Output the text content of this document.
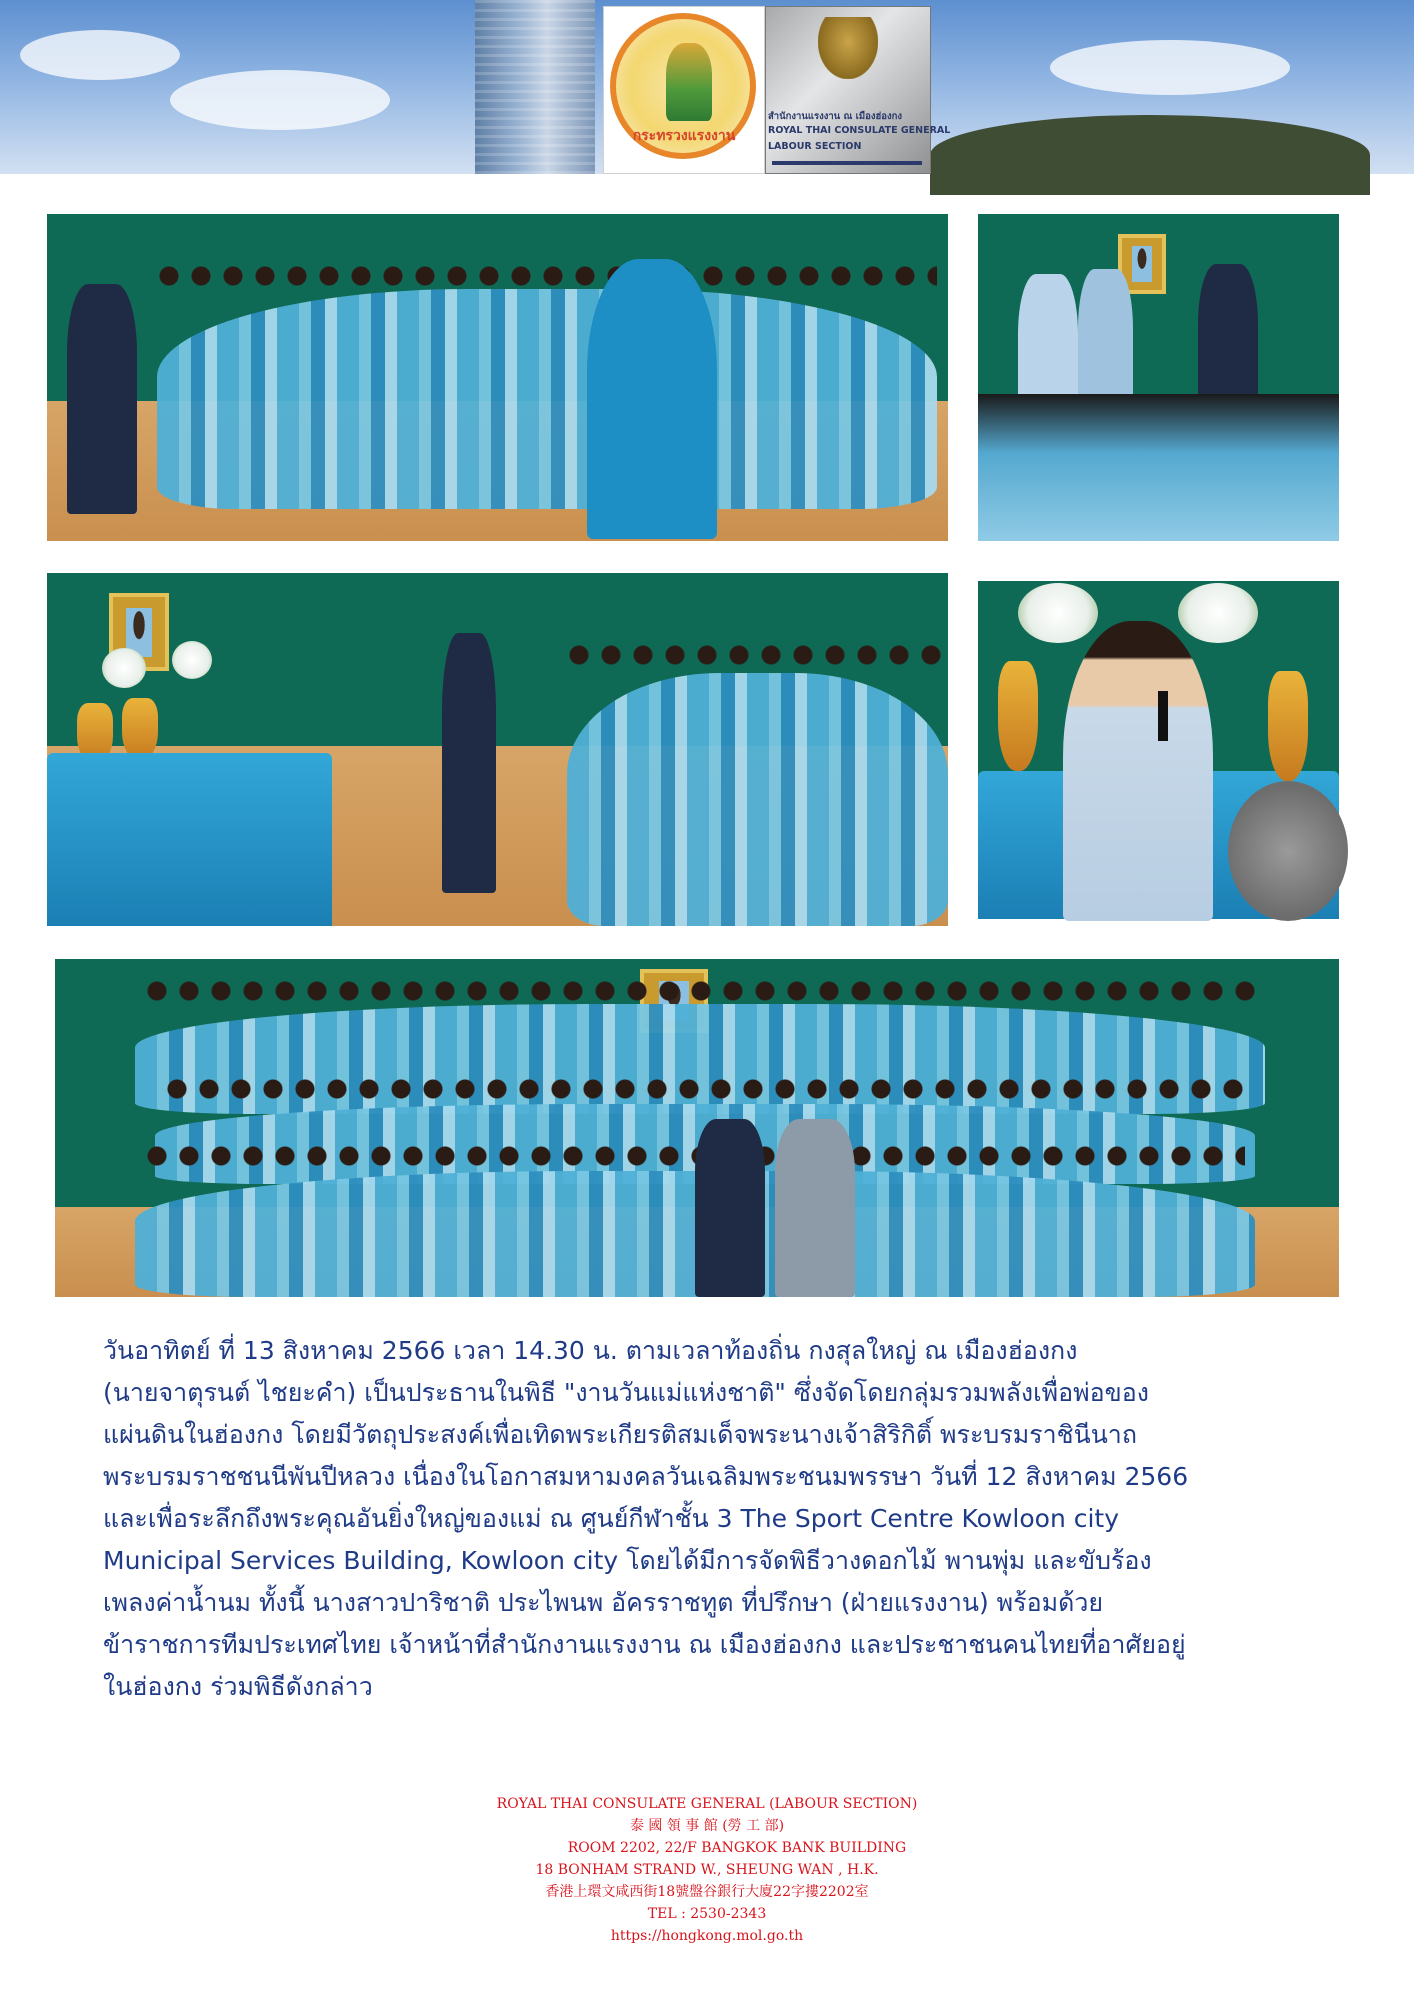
กระทรวงแรงงาน
สำนักงานแรงงาน ณ เมืองฮ่องกง
ROYAL THAI CONSULATE GENERAL
LABOUR SECTION
วันอาทิตย์ ที่ 13 สิงหาคม 2566 เวลา 14.30 น. ตามเวลาท้องถิ่น กงสุลใหญ่ ณ เมืองฮ่องกง
(นายจาตุรนต์ ไชยะคำ) เป็นประธานในพิธี "งานวันแม่แห่งชาติ" ซึ่งจัดโดยกลุ่มรวมพลังเพื่อพ่อของ
แผ่นดินในฮ่องกง โดยมีวัตถุประสงค์เพื่อเทิดพระเกียรติสมเด็จพระนางเจ้าสิริกิติ์ พระบรมราชินีนาถ
พระบรมราชชนนีพันปีหลวง เนื่องในโอกาสมหามงคลวันเฉลิมพระชนมพรรษา วันที่ 12 สิงหาคม 2566
และเพื่อระลึกถึงพระคุณอันยิ่งใหญ่ของแม่ ณ ศูนย์กีฬาชั้น 3 The Sport Centre Kowloon city
Municipal Services Building, Kowloon city โดยได้มีการจัดพิธีวางดอกไม้ พานพุ่ม และขับร้อง
เพลงค่าน้ำนม ทั้งนี้ นางสาวปาริชาติ ประไพนพ อัครราชทูต ที่ปรึกษา (ฝ่ายแรงงาน) พร้อมด้วย
ข้าราชการทีมประเทศไทย เจ้าหน้าที่สำนักงานแรงงาน ณ เมืองฮ่องกง และประชาชนคนไทยที่อาศัยอยู่
ในฮ่องกง ร่วมพิธีดังกล่าว
ROYAL THAI CONSULATE GENERAL (LABOUR SECTION)
泰 國 領 事 館 (勞 工 部)
ROOM 2202, 22/F BANGKOK BANK BUILDING
18 BONHAM STRAND W., SHEUNG WAN , H.K.
香港上環文咸西街18號盤谷銀行大廈22字摟2202室
TEL : 2530-2343
https://hongkong.mol.go.th
